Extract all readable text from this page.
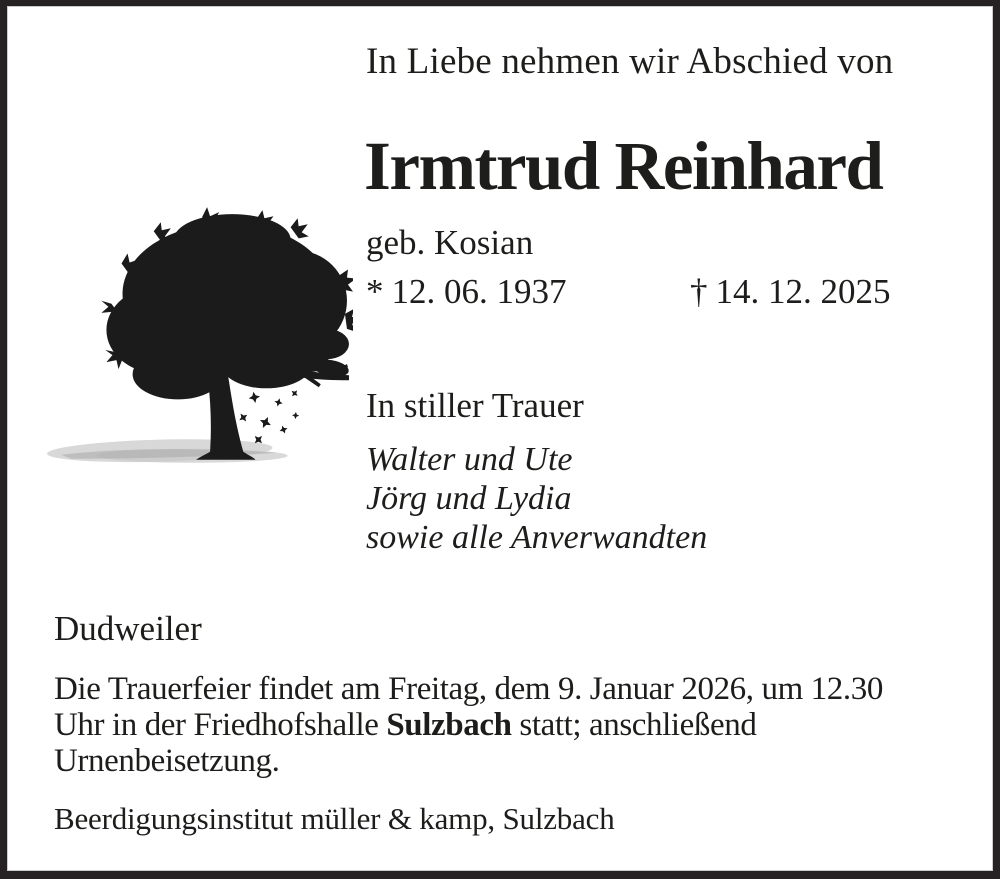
In Liebe nehmen wir Abschied von
Irmtrud Reinhard
geb. Kosian
* 12. 06. 1937	† 14. 12. 2025
In stiller Trauer
Walter und Ute
Jörg und Lydia
sowie alle Anverwandten
Dudweiler

Die Trauerfeier findet am Freitag, dem 9. Januar 2026, um 12.30 Uhr in der Friedhofshalle Sulzbach statt; anschließend Urnenbeisetzung.

Beerdigungsinstitut müller & kamp, Sulzbach
